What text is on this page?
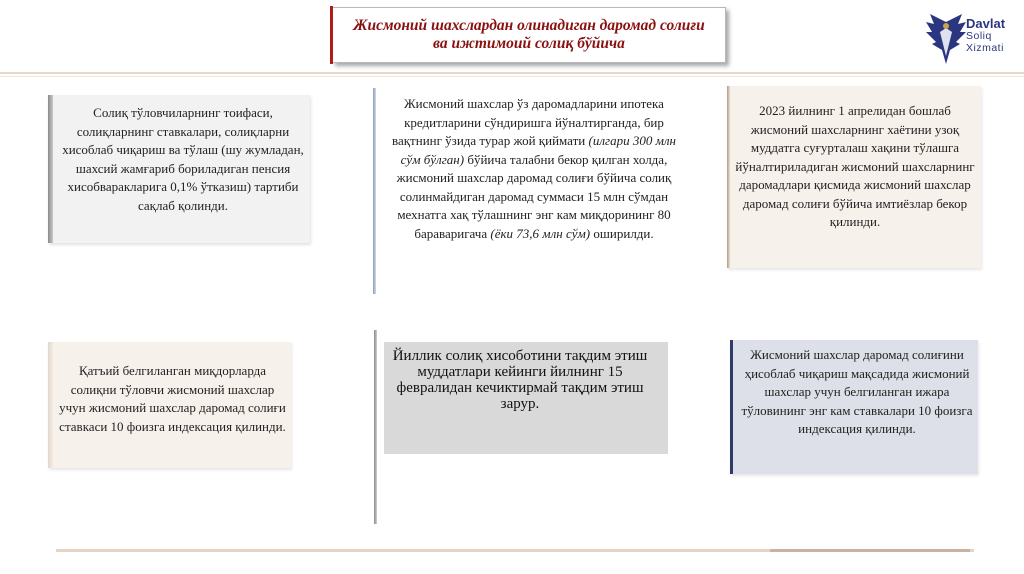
Жисмоний шахслардан олинадиган даромад солиғи ва ижтимоий солиқ бўйича
Davlat
Soliq
Xizmati
Солиқ тўловчиларнинг тоифаси, солиқларнинг ставкалари, солиқларни хисоблаб чиқариш ва тўлаш (шу жумладан, шахсий жамғариб бориладиган пенсия хисобваракларига 0,1% ўтказиш) тартиби сақлаб қолинди.
Жисмоний шахслар ўз даромадларини ипотека кредитларини сўндиришга йўналтирганда, бир вақтнинг ўзида турар жой қиймати (илгари 300 млн сўм бўлган) бўйича талабни бекор қилган холда, жисмоний шахслар даромад солиғи бўйича солиқ солинмайдиган даромад суммаси 15 млн сўмдан мехнатга хақ тўлашнинг энг кам миқдорининг 80 бараваригача (ёки 73,6 млн сўм) оширилди.
2023 йилнинг 1 апрелидан бошлаб жисмоний шахсларнинг хаётини узоқ муддатга суғурталаш хақини тўлашга йўналтириладиган жисмоний шахсларнинг даромадлари қисмида жисмоний шахслар даромад солиғи бўйича имтиёзлар бекор қилинди.
Қатъий белгиланган миқдорларда солиқни тўловчи жисмоний шахслар учун жисмоний шахслар даромад солиғи ставкаси 10 фоизга индексация қилинди.
Йиллик солиқ хисоботини тақдим этиш муддатлари кейинги йилнинг 15 февралидан кечиктирмай тақдим этиш зарур.
Жисмоний шахслар даромад солиғини ҳисоблаб чиқариш мақсадида жисмоний шахслар учун белгиланган ижара тўловининг энг кам ставкалари 10 фоизга индексация қилинди.
